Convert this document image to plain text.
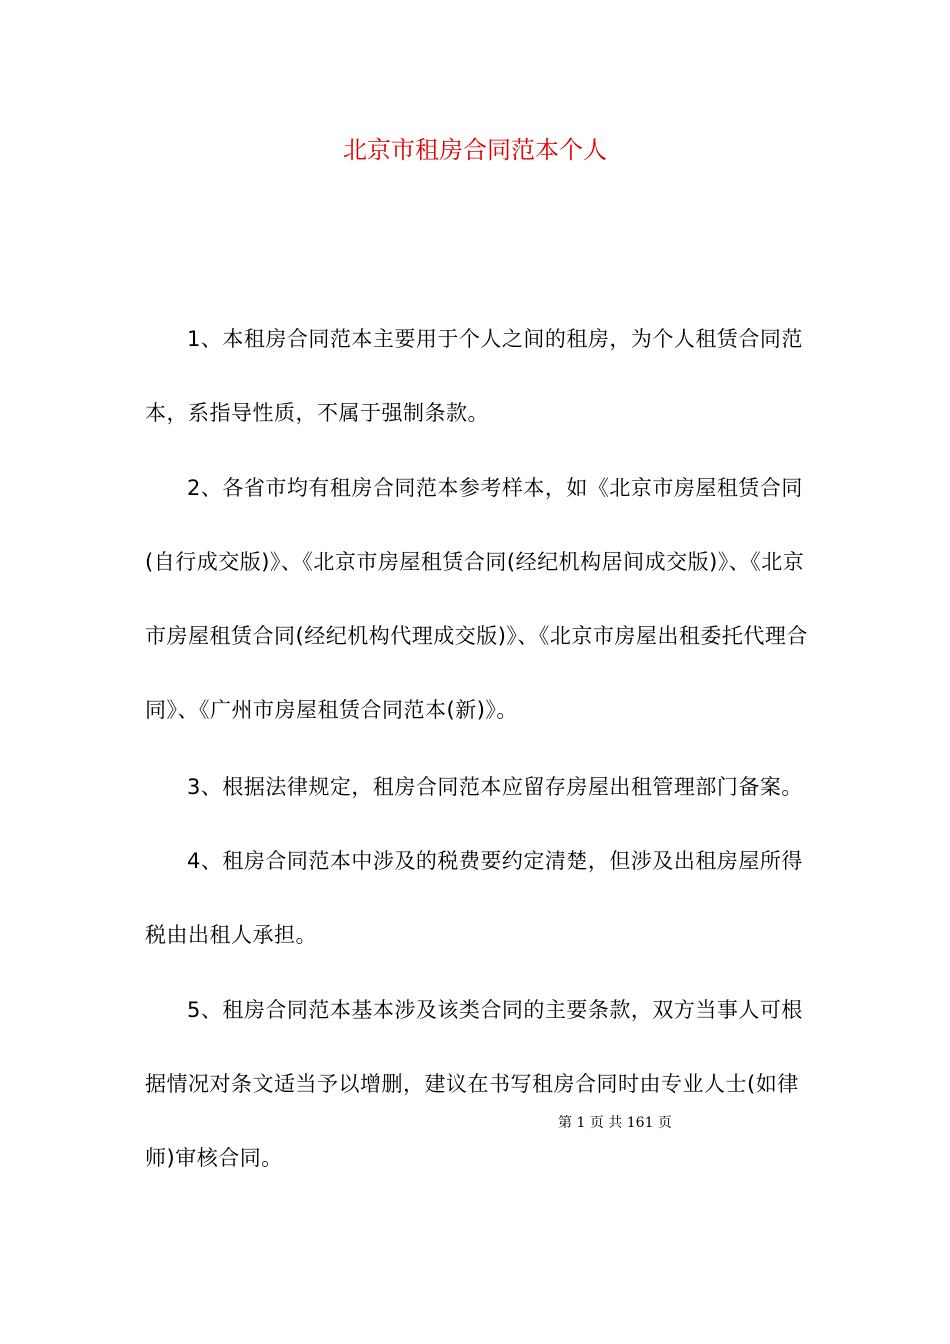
北京市租房合同范本个人

1、本租房合同范本主要用于个人之间的租房，为个人租赁合同范本，系指导性质，不属于强制条款。

2、各省市均有租房合同范本参考样本，如《北京市房屋租赁合同(自行成交版)》、《北京市房屋租赁合同(经纪机构居间成交版)》、《北京市房屋租赁合同(经纪机构代理成交版)》、《北京市房屋出租委托代理合同》、《广州市房屋租赁合同范本(新)》。

3、根据法律规定，租房合同范本应留存房屋出租管理部门备案。

4、租房合同范本中涉及的税费要约定清楚，但涉及出租房屋所得税由出租人承担。

5、租房合同范本基本涉及该类合同的主要条款，双方当事人可根据情况对条文适当予以增删，建议在书写租房合同时由专业人士(如律师)审核合同。

第 1 页 共 161 页
